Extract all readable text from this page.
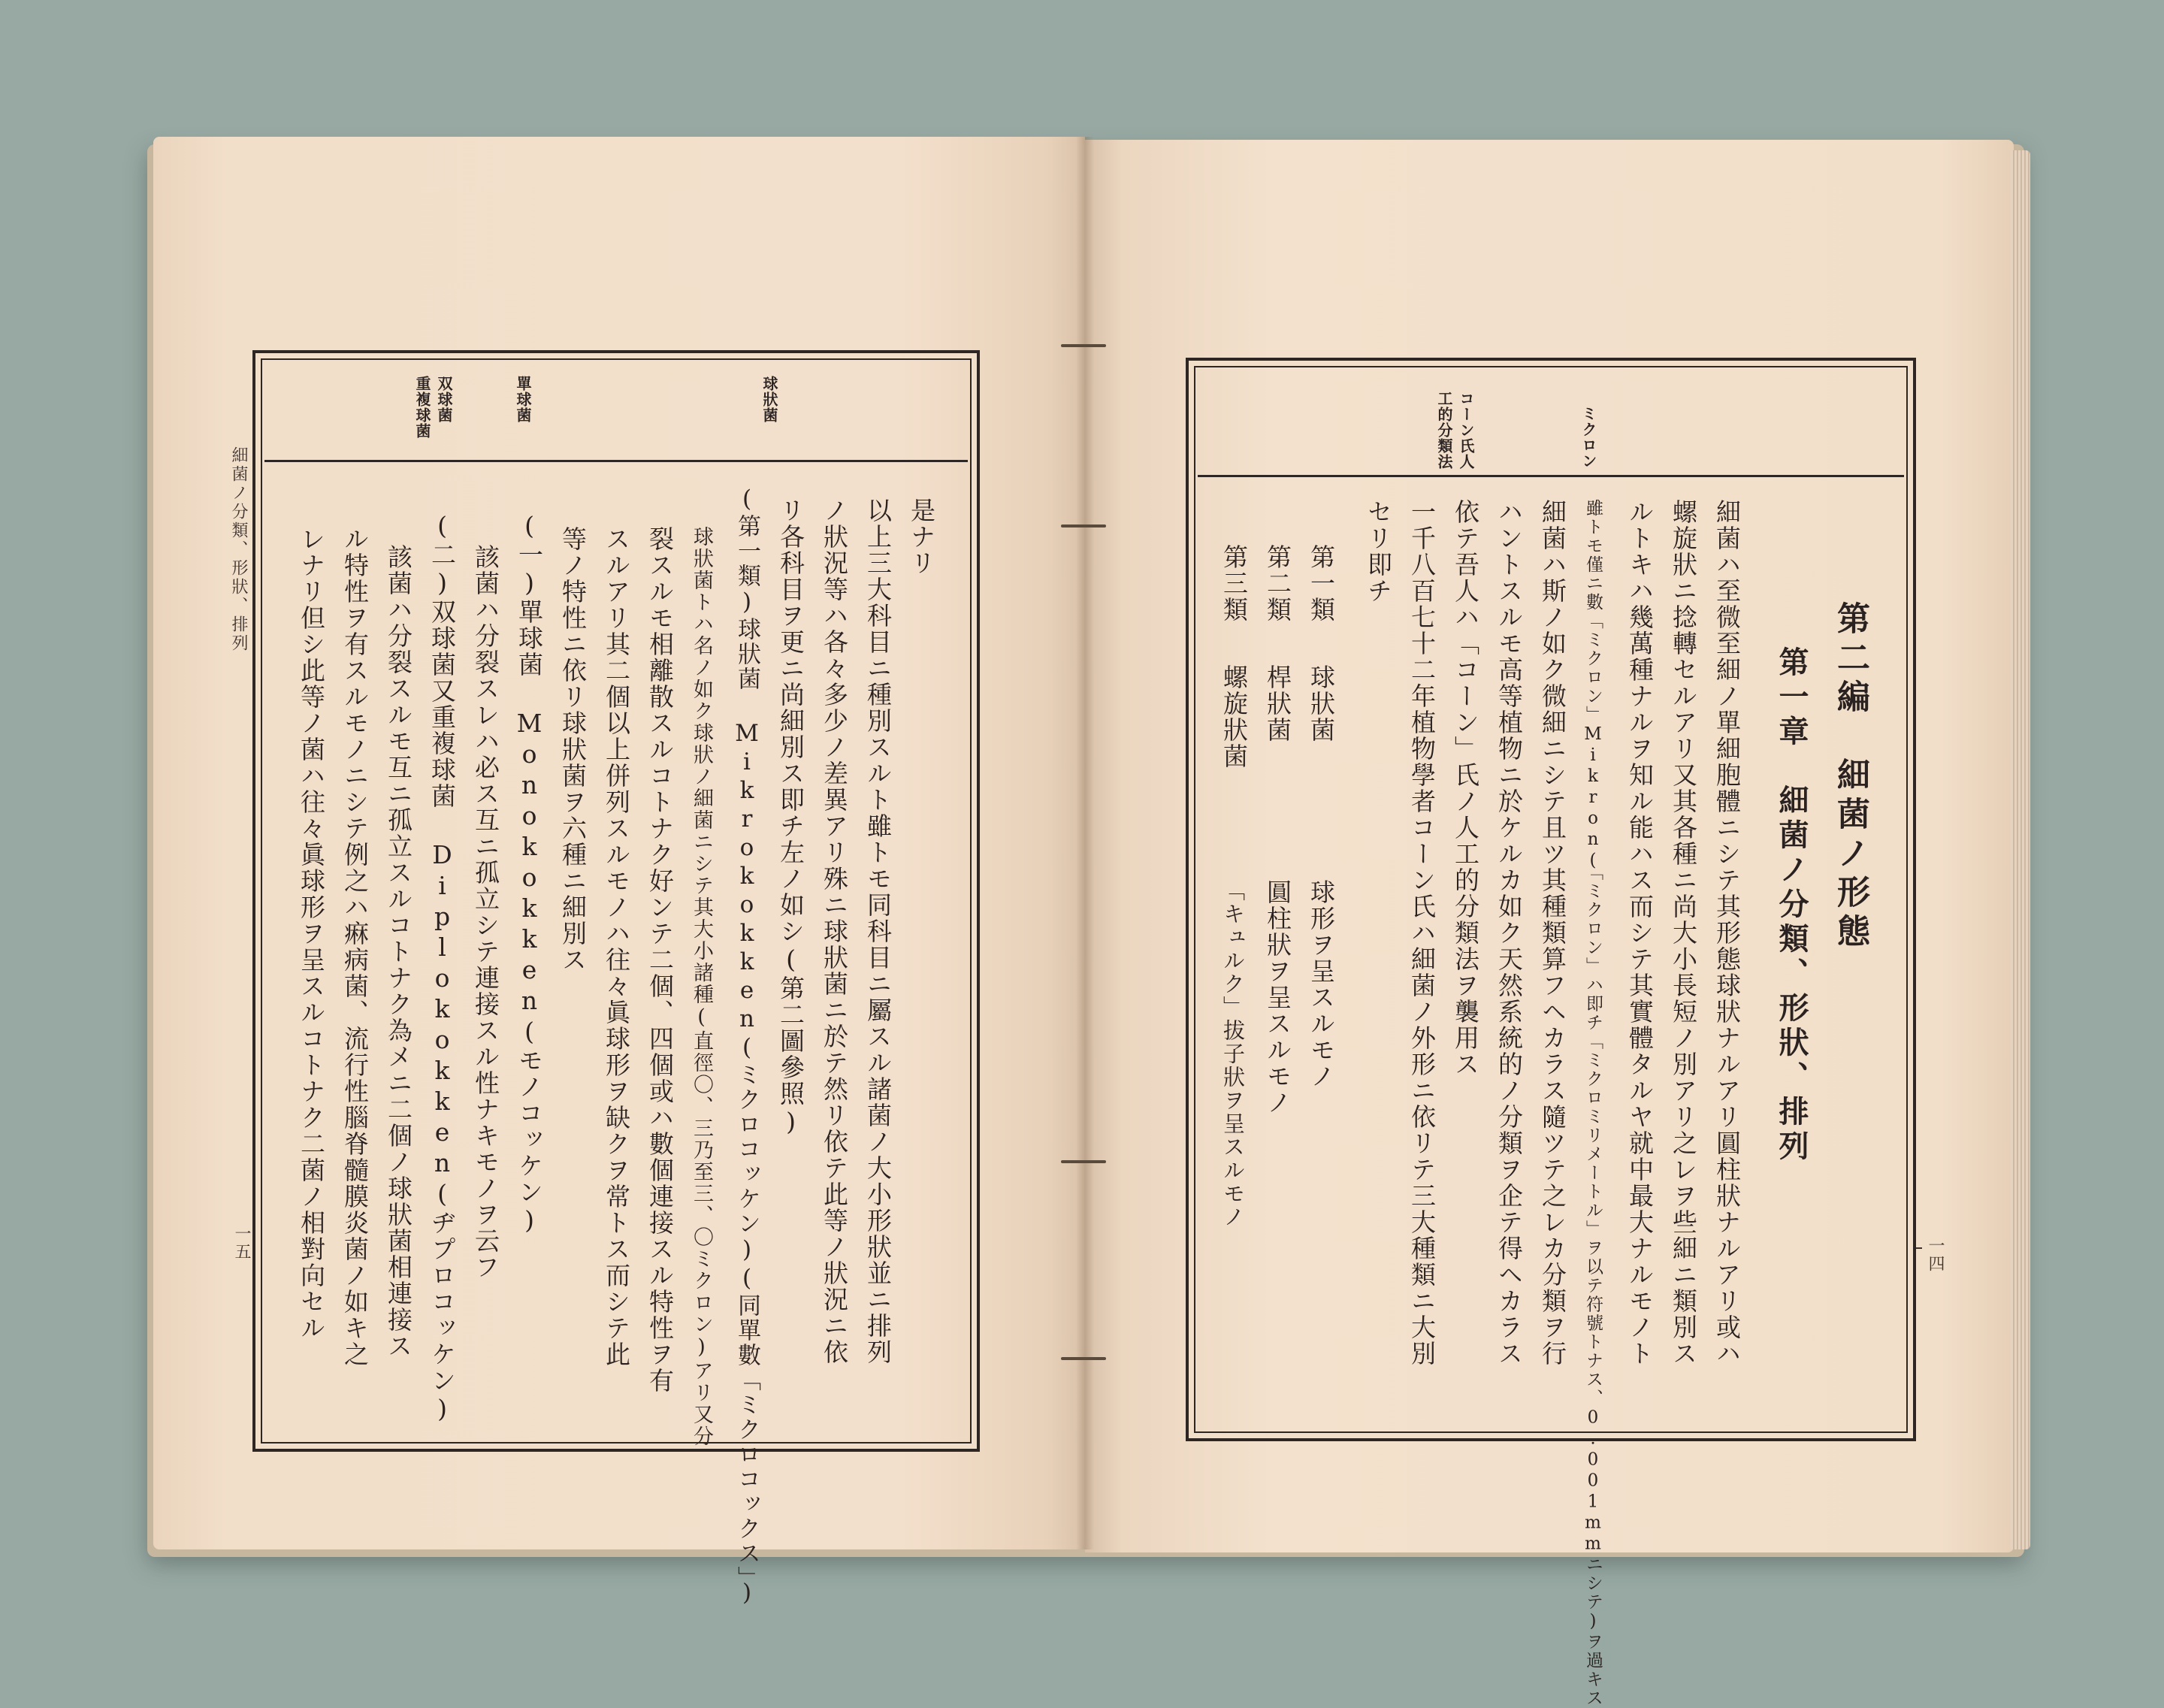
細菌ノ分類、形狀、排列
一五
球狀菌
單球菌
双球菌
重複球菌
是ナリ
以上三大科目ニ種別スルト雖トモ同科目ニ屬スル諸菌ノ大小形狀並ニ排列
ノ狀況等ハ各々多少ノ差異アリ殊ニ球狀菌ニ於テ然リ依テ此等ノ狀況ニ依
リ各科目ヲ更ニ尚細別ス即チ左ノ如シ(第二圖參照)
(第一類)球狀菌 Mikrokokken(ミクロコッケン)(同單數「ミクロコックス」)
球狀菌トハ名ノ如ク球狀ノ細菌ニシテ其大小諸種(直徑〇、三乃至三、〇ミクロン)アリ又分
裂スルモ相離散スルコトナク好ンテ二個、四個或ハ數個連接スル特性ヲ有
スルアリ其二個以上併列スルモノハ往々眞球形ヲ缺クヲ常トス而シテ此
等ノ特性ニ依リ球狀菌ヲ六種ニ細別ス
(一)單球菌 Monokokken(モノコッケン)
該菌ハ分裂スレハ必ス互ニ孤立シテ連接スル性ナキモノヲ云フ
(二)双球菌又重複球菌 Diplokokken(ヂプロコッケン)
該菌ハ分裂スルモ互ニ孤立スルコトナク為メニ二個ノ球狀菌相連接ス
ル特性ヲ有スルモノニシテ例之ハ痳病菌、流行性腦脊髓膜炎菌ノ如キ之
レナリ但シ此等ノ菌ハ往々眞球形ヲ呈スルコトナク二菌ノ相對向セル	一四
ミクロン
コーン氏人
工的分類法
第二編　細菌ノ形態
第一章　細菌ノ分類、形狀、排列
細菌ハ至微至細ノ單細胞體ニシテ其形態球狀ナルアリ圓柱狀ナルアリ或ハ
螺旋狀ニ捻轉セルアリ又其各種ニ尚大小長短ノ別アリ之レヲ些細ニ類別ス
ルトキハ幾萬種ナルヲ知ル能ハス而シテ其實體タルヤ就中最大ナルモノト
雖トモ僅ニ數「ミクロン」Mikron(「ミクロン」ハ即チ「ミクロミリメートル」ヲ以テ符號トナス、0.001mmニシテ)ヲ過キス
細菌ハ斯ノ如ク微細ニシテ且ツ其種類算フヘカラス隨ツテ之レカ分類ヲ行
ハントスルモ高等植物ニ於ケルカ如ク天然系統的ノ分類ヲ企テ得ヘカラス
依テ吾人ハ「コーン」氏ノ人工的分類法ヲ襲用ス
一千八百七十二年植物學者コーン氏ハ細菌ノ外形ニ依リテ三大種類ニ大別
セリ即チ
第一類
球狀菌
球形ヲ呈スルモノ
第二類
桿狀菌
圓柱狀ヲ呈スルモノ
第三類
螺旋狀菌
「キュルク」拔子狀ヲ呈スルモノ
